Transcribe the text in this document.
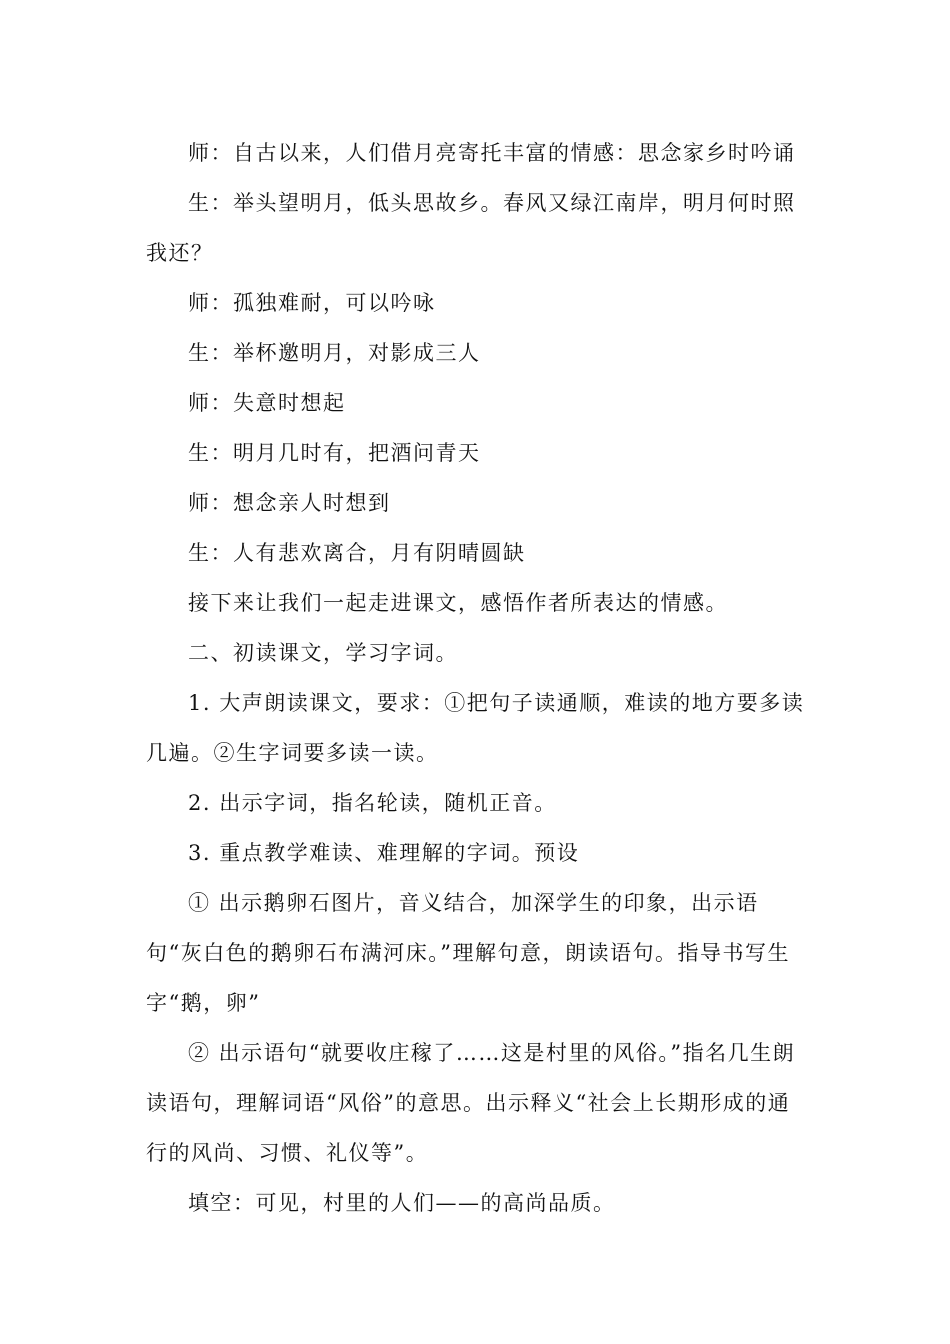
师：自古以来，人们借月亮寄托丰富的情感：思念家乡时吟诵

生：举头望明月，低头思故乡。春风又绿江南岸，明月何时照我还？

师：孤独难耐，可以吟咏

生：举杯邀明月，对影成三人

师：失意时想起

生：明月几时有，把酒问青天

师：想念亲人时想到

生：人有悲欢离合，月有阴晴圆缺

接下来让我们一起走进课文，感悟作者所表达的情感。

二、初读课文，学习字词。

1. 大声朗读课文，要求：①把句子读通顺，难读的地方要多读几遍。②生字词要多读一读。

2. 出示字词，指名轮读，随机正音。

3. 重点教学难读、难理解的字词。预设

① 出示鹅卵石图片，音义结合，加深学生的印象，出示语句“灰白色的鹅卵石布满河床。”理解句意，朗读语句。指导书写生字“鹅，卵”

② 出示语句“就要收庄稼了……这是村里的风俗。”指名几生朗读语句，理解词语“风俗”的意思。出示释义“社会上长期形成的通行的风尚、习惯、礼仪等”。

填空：可见，村里的人们——的高尚品质。
